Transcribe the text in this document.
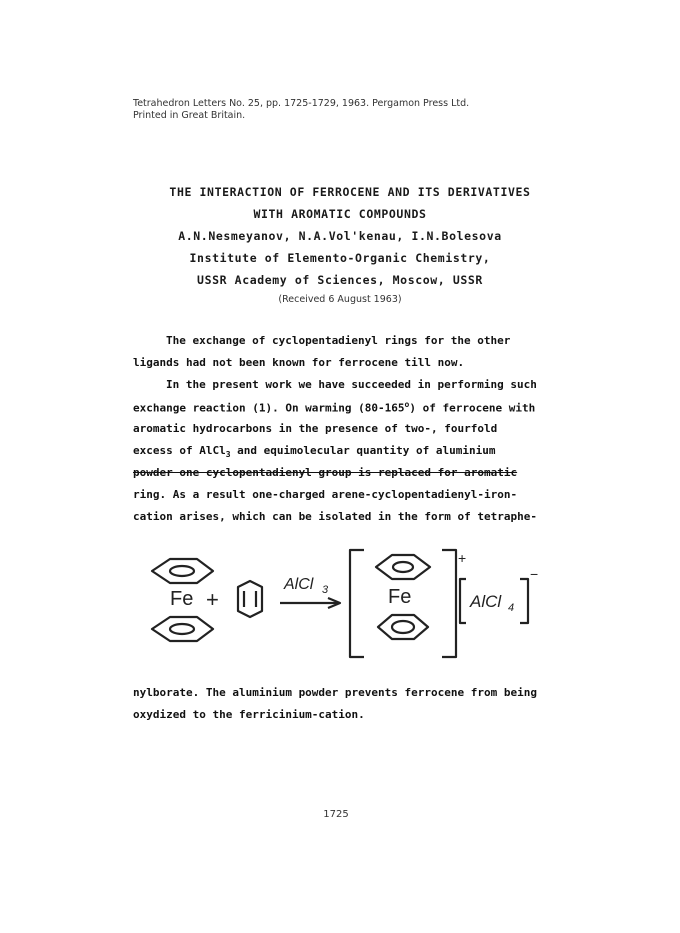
Tetrahedron Letters No. 25, pp. 1725-1729, 1963. Pergamon Press Ltd.
Printed in Great Britain.
THE INTERACTION OF FERROCENE AND ITS DERIVATIVES
WITH AROMATIC COMPOUNDS
A.N.Nesmeyanov, N.A.Vol'kenau, I.N.Bolesova
Institute of Elemento-Organic Chemistry,
USSR Academy of Sciences, Moscow, USSR
(Received 6 August 1963)
The exchange of cyclopentadienyl rings for the other
ligands had not been known for ferrocene till now.
In the present work we have succeeded in performing such
exchange reaction (1). On warming (80-165$^o$) of ferrocene with
aromatic hydrocarbons in the presence of two-, fourfold
excess of AlCl$_3$ and equimolecular quantity of aluminium
powder one cyclopentadienyl group is replaced for aromatic
ring. As a result one-charged arene-cyclopentadienyl-iron-
cation arises, which can be isolated in the form of tetraphe-
Fe +
AlCl 3	Fe
+
AlCl 4
−
nylborate. The aluminium powder prevents ferrocene from being
oxydized to the ferricinium-cation.
1725
